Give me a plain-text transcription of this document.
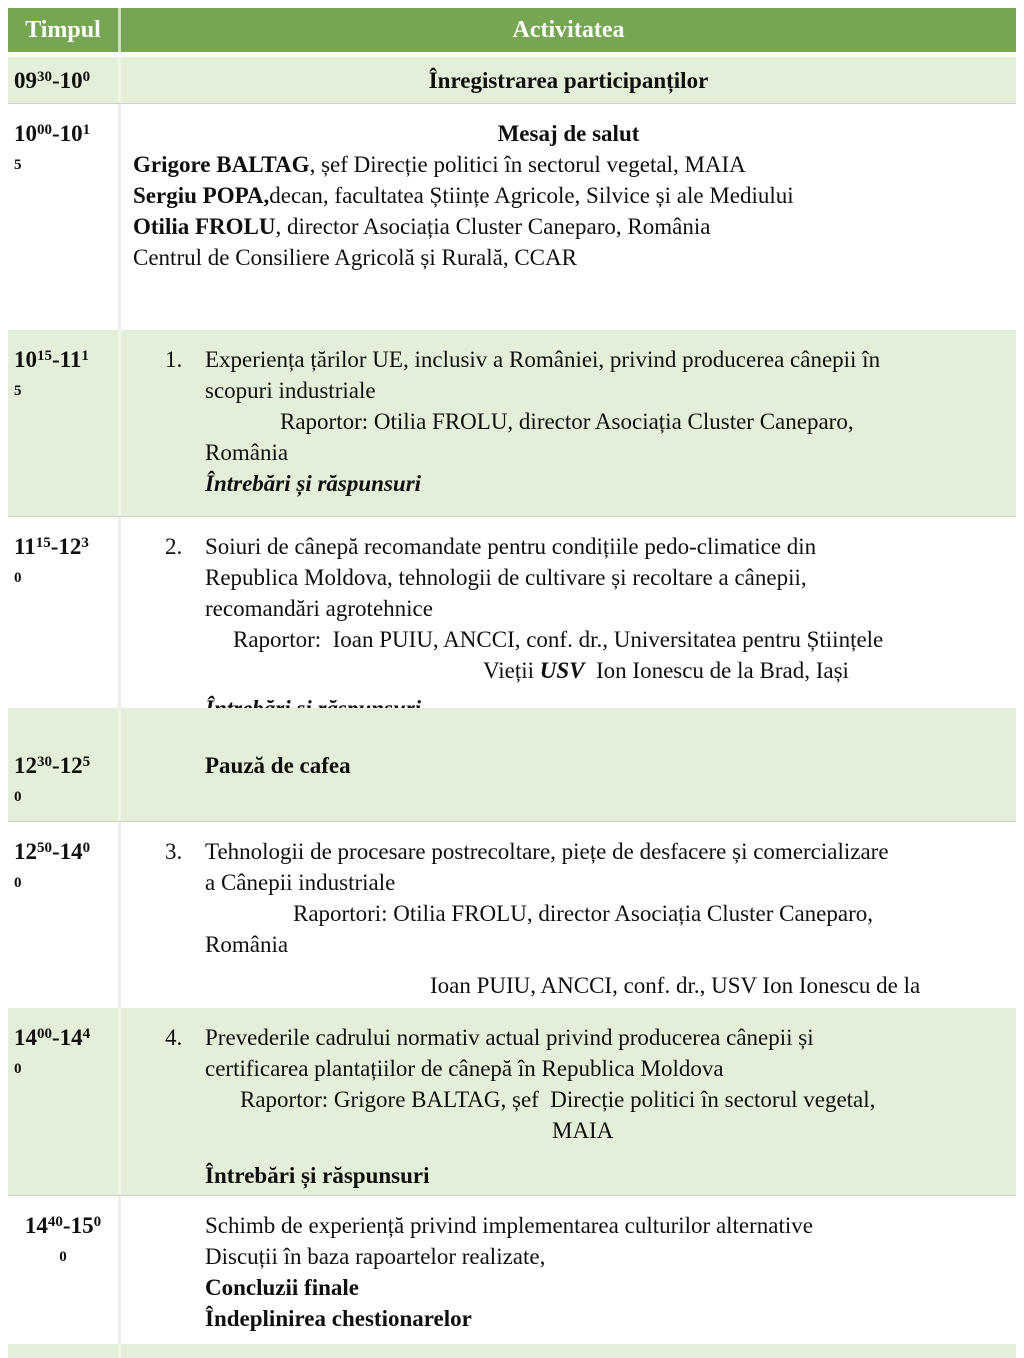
Timpul	Activitatea
$09^{30}-10^0$	Înregistrarea participanților
$10^{00}-10^1$
$^5$
Mesaj de salut
Grigore BALTAG, șef Direcție politici în sectorul vegetal, MAIA
Sergiu POPA,decan, facultatea Științe Agricole, Silvice și ale Mediului
Otilia FROLU, director Asociația Cluster Caneparo, România
Centrul de Consiliere Agricolă și Rurală, CCAR
$10^{15}-11^1$
$^5$
1. Experiența țărilor UE, inclusiv a României, privind producerea cânepii în
scopuri industriale
Raportor: Otilia FROLU, director Asociația Cluster Caneparo,
România
Întrebări și răspunsuri
$11^{15}-12^3$
$^0$
2. Soiuri de cânepă recomandate pentru condițiile pedo-climatice din
Republica Moldova, tehnologii de cultivare și recoltare a cânepii,
recomandări agrotehnice
Raportor:  Ioan PUIU, ANCCI, conf. dr., Universitatea pentru Științele
Vieții USV  Ion Ionescu de la Brad, Iași
$12^{30}-12^5$
$^0$
Pauză de cafea
$12^{50}-14^0$
$^0$
3. Tehnologii de procesare postrecoltare, piețe de desfacere și comercializare
a Cânepii industriale
Raportori: Otilia FROLU, director Asociația Cluster Caneparo,
România
Ioan PUIU, ANCCI, conf. dr., USV Ion Ionescu de la
$14^{00}-14^4$
$^0$
4. Prevederile cadrului normativ actual privind producerea cânepii și
certificarea plantațiilor de cânepă în Republica Moldova
Raportor: Grigore BALTAG, șef  Direcție politici în sectorul vegetal,
MAIA
Întrebări și răspunsuri
$14^{40}-15^0$
$^0$
Schimb de experiență privind implementarea culturilor alternative
Discuții în baza rapoartelor realizate,
Concluzii finale
Îndeplinirea chestionarelor
